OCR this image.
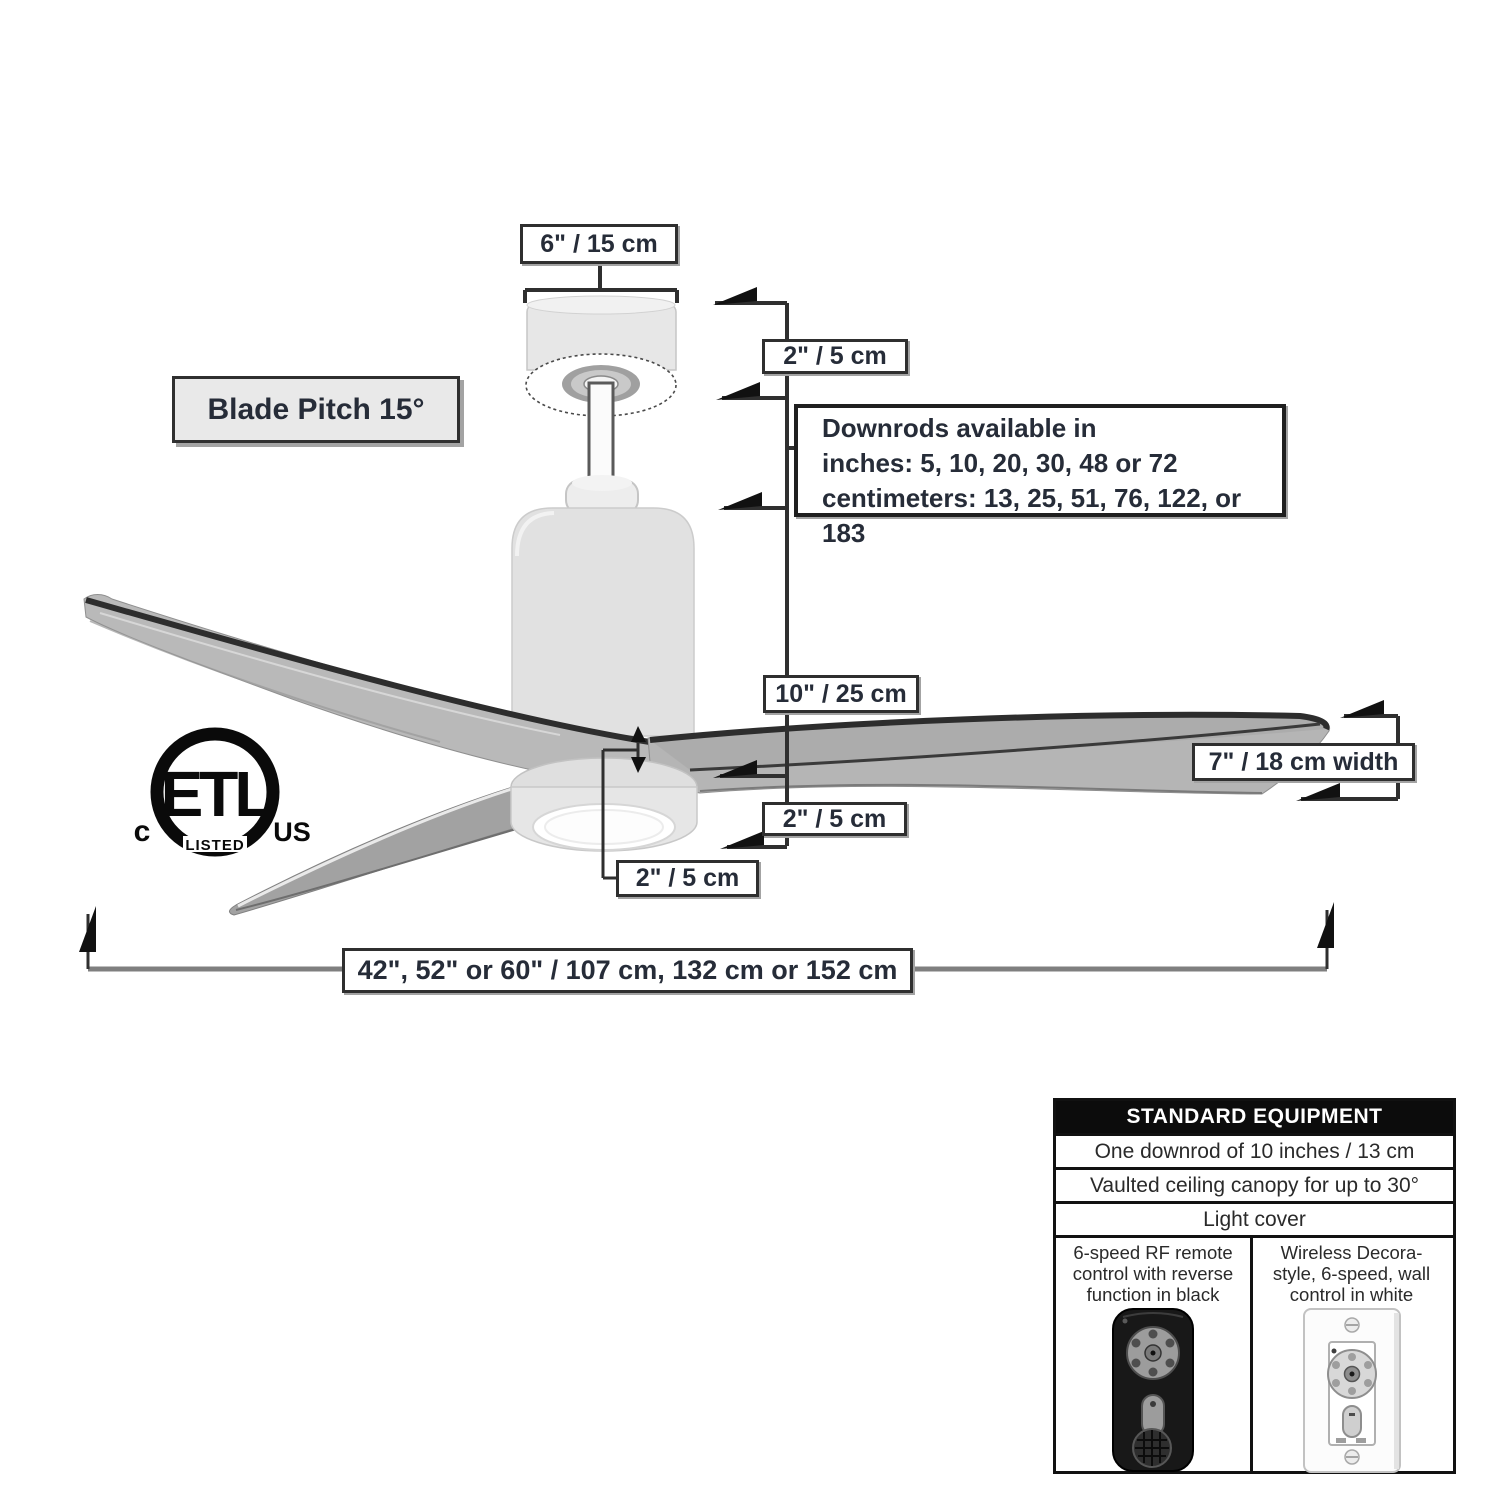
ETL
LISTED
c	US
6" / 15 cm
Blade Pitch 15°
2" / 5 cm
Downrods available in
inches: 5, 10, 20, 30, 48 or 72
centimeters: 13, 25, 51, 76, 122, or 183
10" / 25 cm
7" / 18 cm width
2" / 5 cm
2" / 5 cm
42", 52" or 60" / 107 cm, 132 cm or 152 cm
STANDARD EQUIPMENT
One downrod of 10 inches / 13 cm
Vaulted ceiling canopy for up to 30°
Light cover
6-speed RF remote control with reverse function in black
Wireless Decora-style, 6-speed, wall control in white
